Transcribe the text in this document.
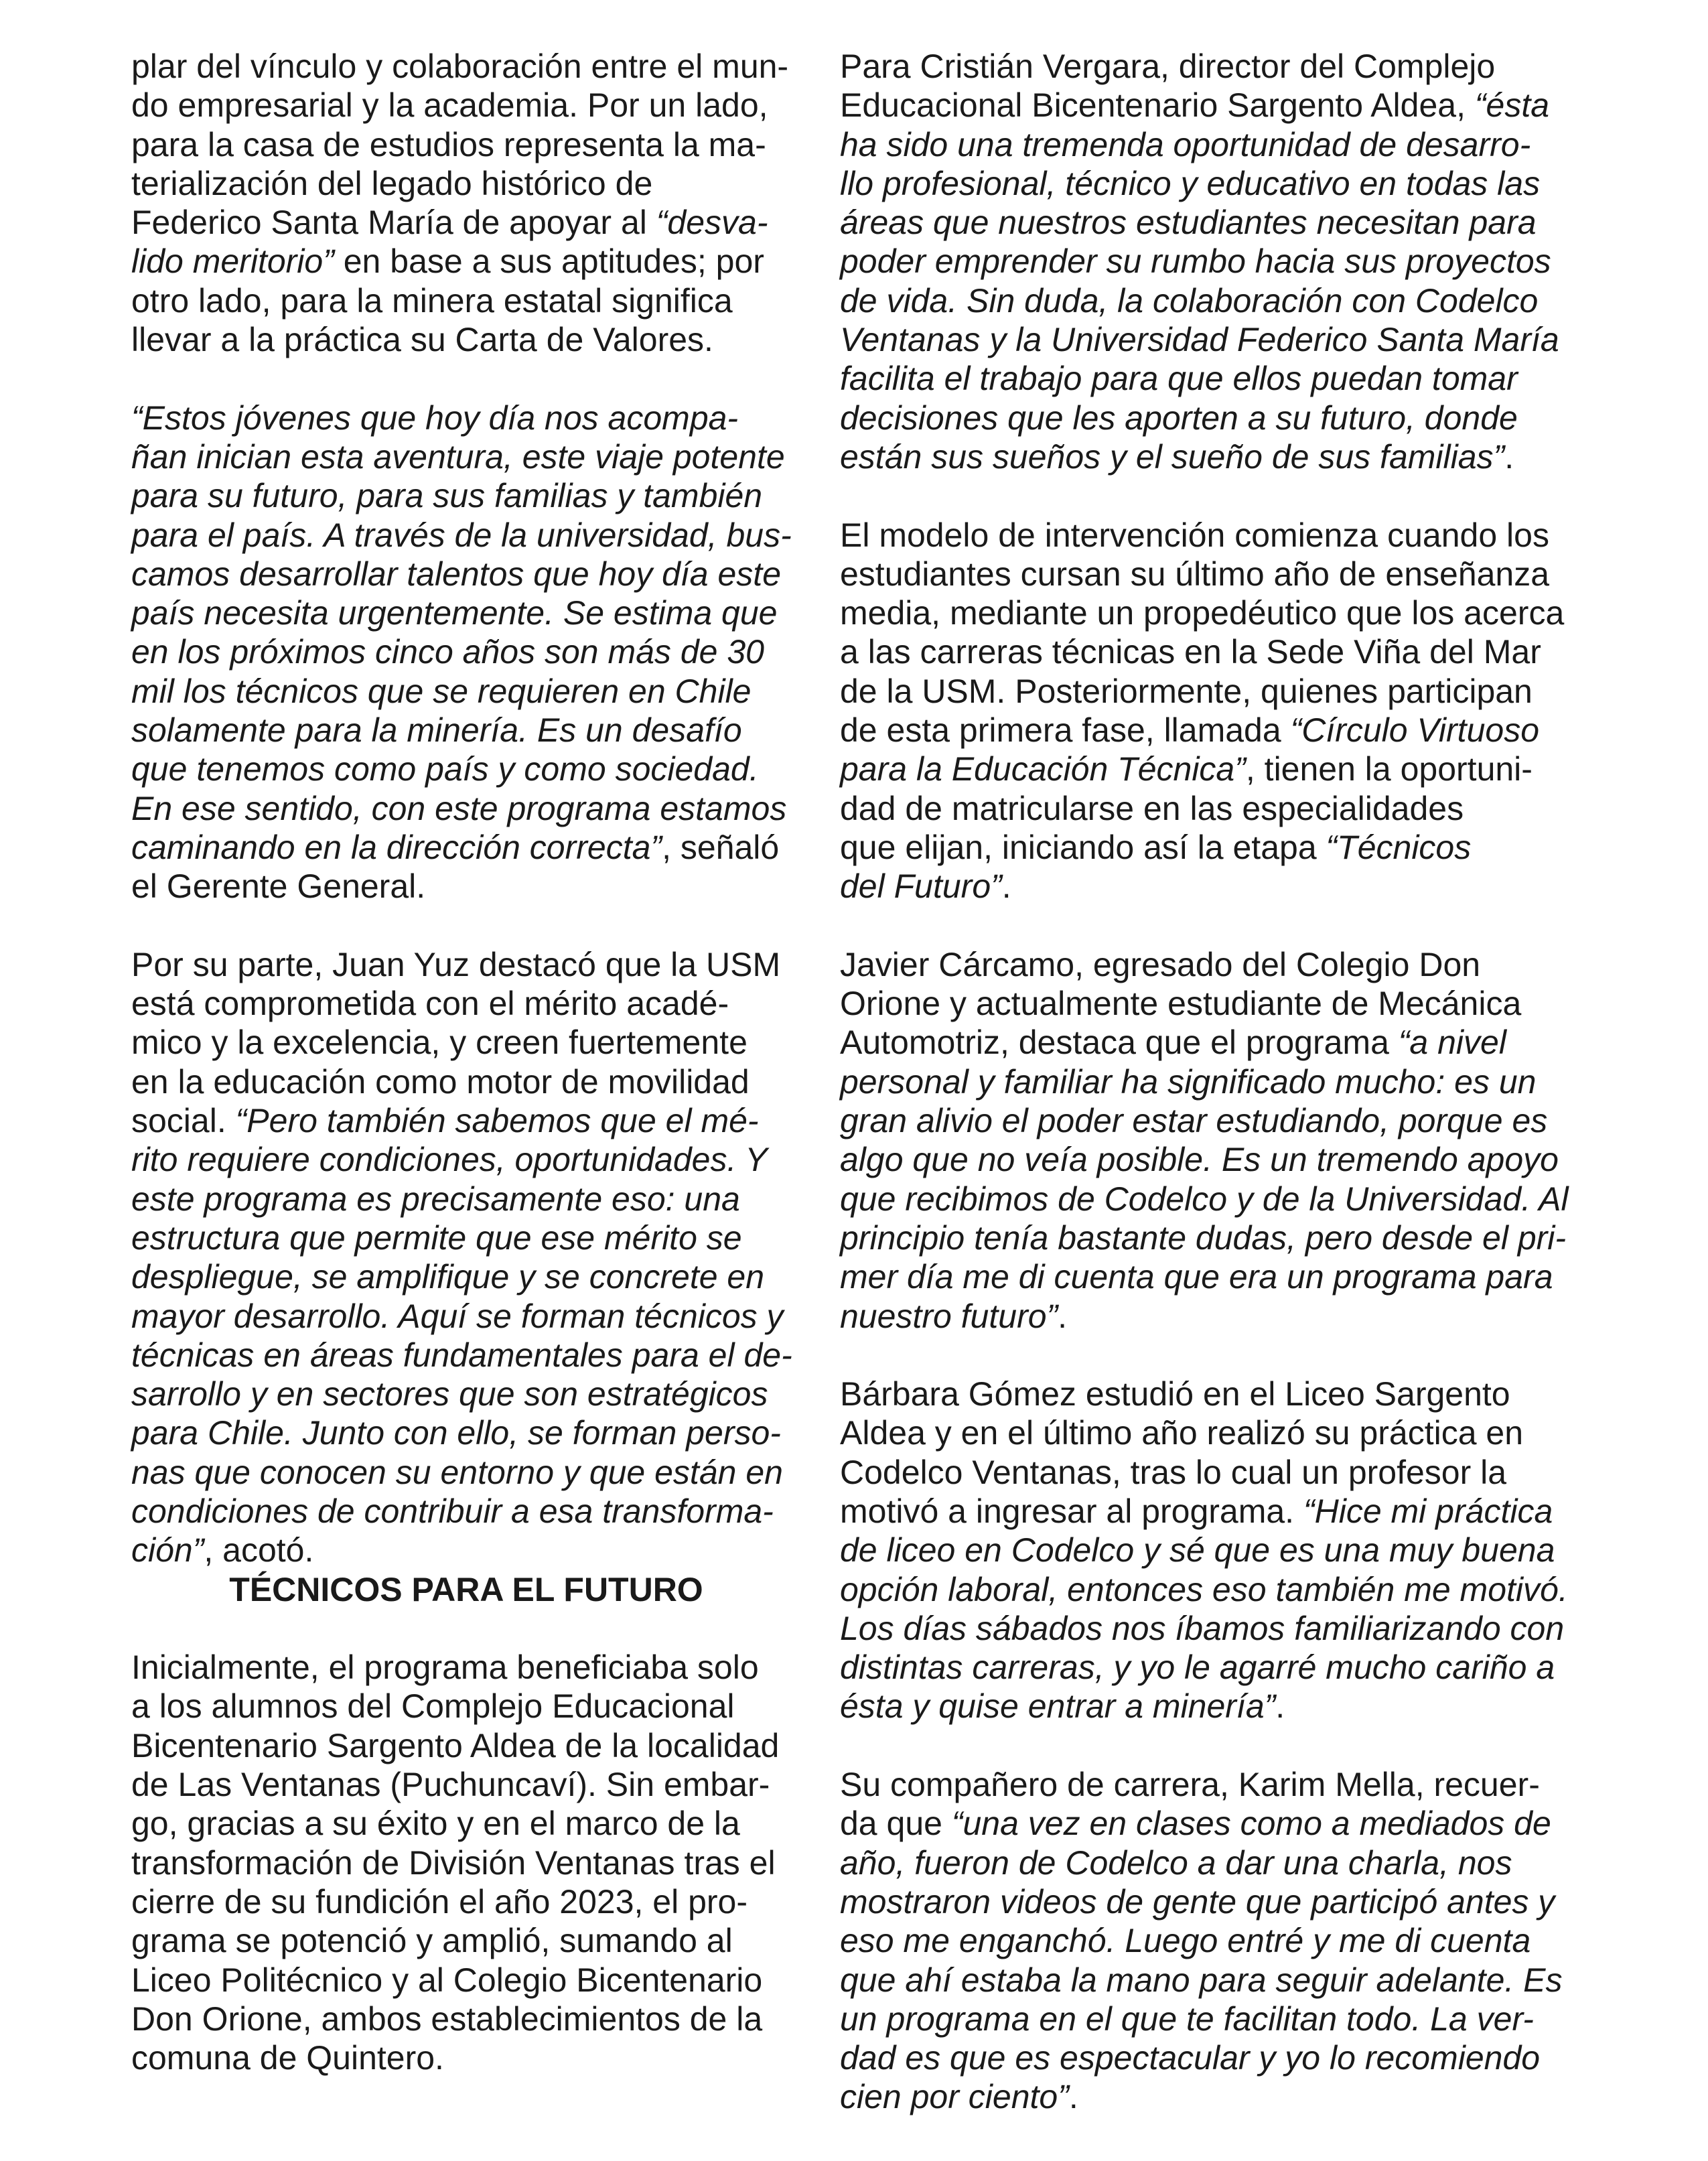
plar del vínculo y colaboración entre el mun-
do empresarial y la academia. Por un lado,
para la casa de estudios representa la ma-
terialización del legado histórico de
Federico Santa María de apoyar al “desva-
lido meritorio” en base a sus aptitudes; por
otro lado, para la minera estatal significa
llevar a la práctica su Carta de Valores.

“Estos jóvenes que hoy día nos acompa-
ñan inician esta aventura, este viaje potente
para su futuro, para sus familias y también
para el país. A través de la universidad, bus-
camos desarrollar talentos que hoy día este
país necesita urgentemente. Se estima que
en los próximos cinco años son más de 30
mil los técnicos que se requieren en Chile
solamente para la minería. Es un desafío
que tenemos como país y como sociedad.
En ese sentido, con este programa estamos
caminando en la dirección correcta”, señaló
el Gerente General.

Por su parte, Juan Yuz destacó que la USM
está comprometida con el mérito acadé-
mico y la excelencia, y creen fuertemente
en la educación como motor de movilidad
social. “Pero también sabemos que el mé-
rito requiere condiciones, oportunidades. Y
este programa es precisamente eso: una
estructura que permite que ese mérito se
despliegue, se amplifique y se concrete en
mayor desarrollo. Aquí se forman técnicos y
técnicas en áreas fundamentales para el de-
sarrollo y en sectores que son estratégicos
para Chile. Junto con ello, se forman perso-
nas que conocen su entorno y que están en
condiciones de contribuir a esa transforma-
ción”, acotó.

TÉCNICOS PARA EL FUTURO

Inicialmente, el programa beneficiaba solo
a los alumnos del Complejo Educacional
Bicentenario Sargento Aldea de la localidad
de Las Ventanas (Puchuncaví). Sin embar-
go, gracias a su éxito y en el marco de la
transformación de División Ventanas tras el
cierre de su fundición el año 2023, el pro-
grama se potenció y amplió, sumando al
Liceo Politécnico y al Colegio Bicentenario
Don Orione, ambos establecimientos de la
comuna de Quintero.

Para Cristián Vergara, director del Complejo
Educacional Bicentenario Sargento Aldea, “ésta
ha sido una tremenda oportunidad de desarro-
llo profesional, técnico y educativo en todas las
áreas que nuestros estudiantes necesitan para
poder emprender su rumbo hacia sus proyectos
de vida. Sin duda, la colaboración con Codelco
Ventanas y la Universidad Federico Santa María
facilita el trabajo para que ellos puedan tomar
decisiones que les aporten a su futuro, donde
están sus sueños y el sueño de sus familias”.

El modelo de intervención comienza cuando los
estudiantes cursan su último año de enseñanza
media, mediante un propedéutico que los acerca
a las carreras técnicas en la Sede Viña del Mar
de la USM. Posteriormente, quienes participan
de esta primera fase, llamada “Círculo Virtuoso
para la Educación Técnica”, tienen la oportuni-
dad de matricularse en las especialidades
que elijan, iniciando así la etapa “Técnicos
del Futuro”.

Javier Cárcamo, egresado del Colegio Don
Orione y actualmente estudiante de Mecánica
Automotriz, destaca que el programa “a nivel
personal y familiar ha significado mucho: es un
gran alivio el poder estar estudiando, porque es
algo que no veía posible. Es un tremendo apoyo
que recibimos de Codelco y de la Universidad. Al
principio tenía bastante dudas, pero desde el pri-
mer día me di cuenta que era un programa para
nuestro futuro”.

Bárbara Gómez estudió en el Liceo Sargento
Aldea y en el último año realizó su práctica en
Codelco Ventanas, tras lo cual un profesor la
motivó a ingresar al programa. “Hice mi práctica
de liceo en Codelco y sé que es una muy buena
opción laboral, entonces eso también me motivó.
Los días sábados nos íbamos familiarizando con
distintas carreras, y yo le agarré mucho cariño a
ésta y quise entrar a minería”.

Su compañero de carrera, Karim Mella, recuer-
da que “una vez en clases como a mediados de
año, fueron de Codelco a dar una charla, nos
mostraron videos de gente que participó antes y
eso me enganchó. Luego entré y me di cuenta
que ahí estaba la mano para seguir adelante. Es
un programa en el que te facilitan todo. La ver-
dad es que es espectacular y yo lo recomiendo
cien por ciento”.
